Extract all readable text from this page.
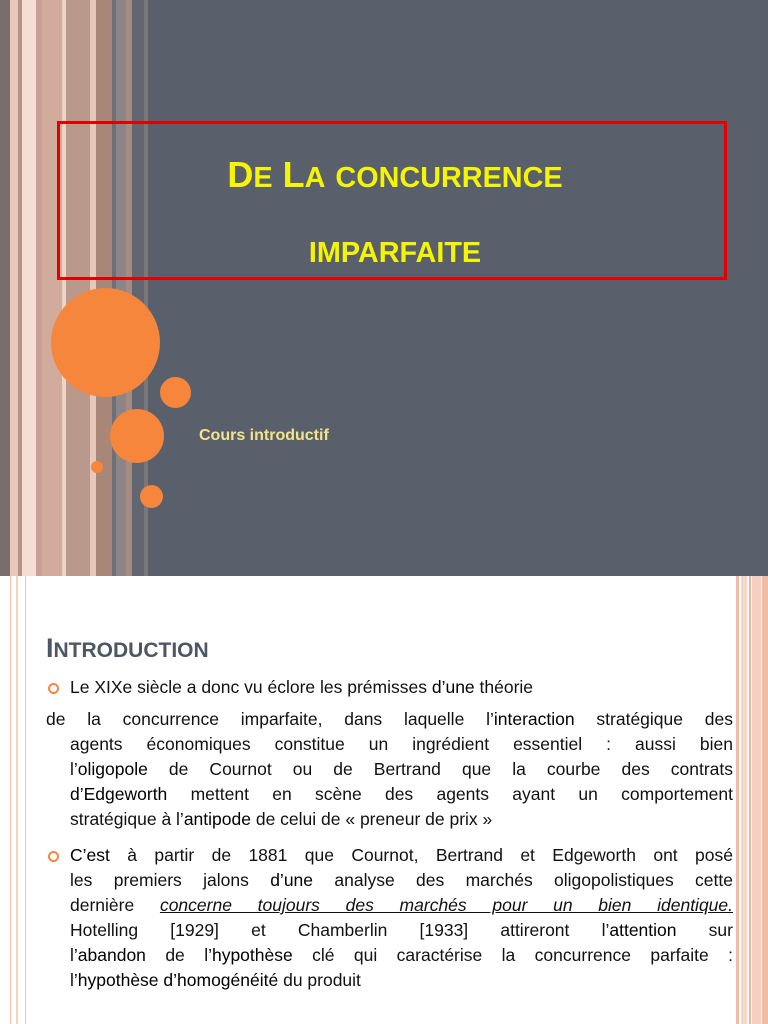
DE LA CONCURRENCE
IMPARFAITE
Cours introductif
INTRODUCTION
Le XIXe siècle a donc vu éclore les prémisses d’une théorie
de la concurrence imparfaite, dans laquelle l’interaction stratégique des
agents économiques constitue un ingrédient essentiel : aussi bien
l’oligopole de Cournot ou de Bertrand que la courbe des contrats
d’Edgeworth mettent en scène des agents ayant un comportement
stratégique à l’antipode de celui de « preneur de prix »
C’est à partir de 1881 que Cournot, Bertrand et Edgeworth ont posé
les premiers jalons d’une analyse des marchés oligopolistiques cette
dernière concerne toujours des marchés pour un bien identique.
Hotelling [1929] et Chamberlin [1933] attireront l’attention sur
l’abandon de l’hypothèse clé qui caractérise la concurrence parfaite :
l’hypothèse d’homogénéité du produit
